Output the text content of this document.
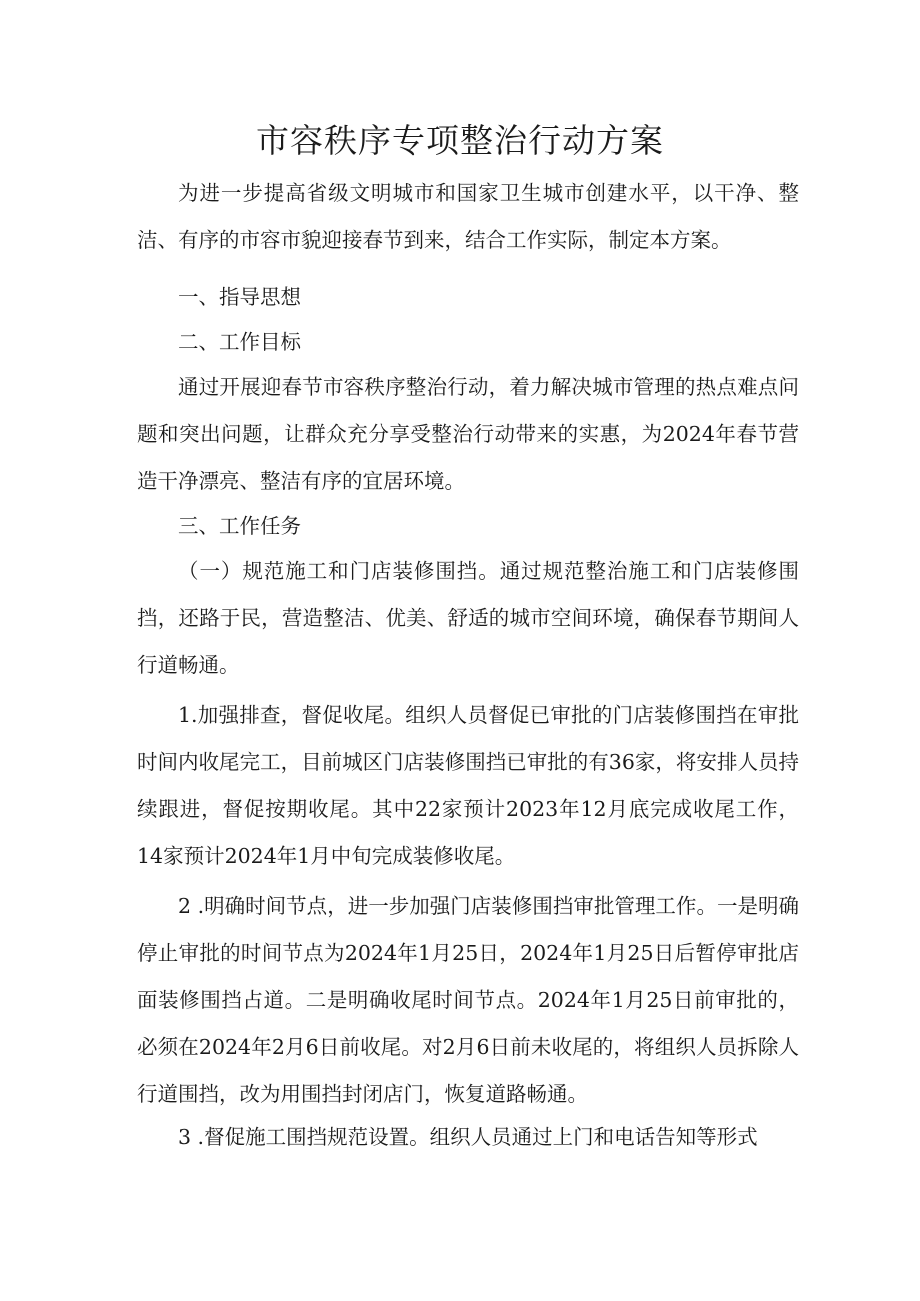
市容秩序专项整治行动方案

为进一步提高省级文明城市和国家卫生城市创建水平，以干净、整洁、有序的市容市貌迎接春节到来，结合工作实际，制定本方案。

一、指导思想

二、工作目标

通过开展迎春节市容秩序整治行动，着力解决城市管理的热点难点问题和突出问题，让群众充分享受整治行动带来的实惠，为2024年春节营造干净漂亮、整洁有序的宜居环境。

三、工作任务

（一）规范施工和门店装修围挡。通过规范整治施工和门店装修围挡，还路于民，营造整洁、优美、舒适的城市空间环境，确保春节期间人行道畅通。

1.加强排查，督促收尾。组织人员督促已审批的门店装修围挡在审批时间内收尾完工，目前城区门店装修围挡已审批的有36家，将安排人员持续跟进，督促按期收尾。其中22家预计2023年12月底完成收尾工作，14家预计2024年1月中旬完成装修收尾。

2 .明确时间节点，进一步加强门店装修围挡审批管理工作。一是明确停止审批的时间节点为2024年1月25日，2024年1月25日后暂停审批店面装修围挡占道。二是明确收尾时间节点。2024年1月25日前审批的，必须在2024年2月6日前收尾。对2月6日前未收尾的，将组织人员拆除人行道围挡，改为用围挡封闭店门，恢复道路畅通。

3 .督促施工围挡规范设置。组织人员通过上门和电话告知等形式
